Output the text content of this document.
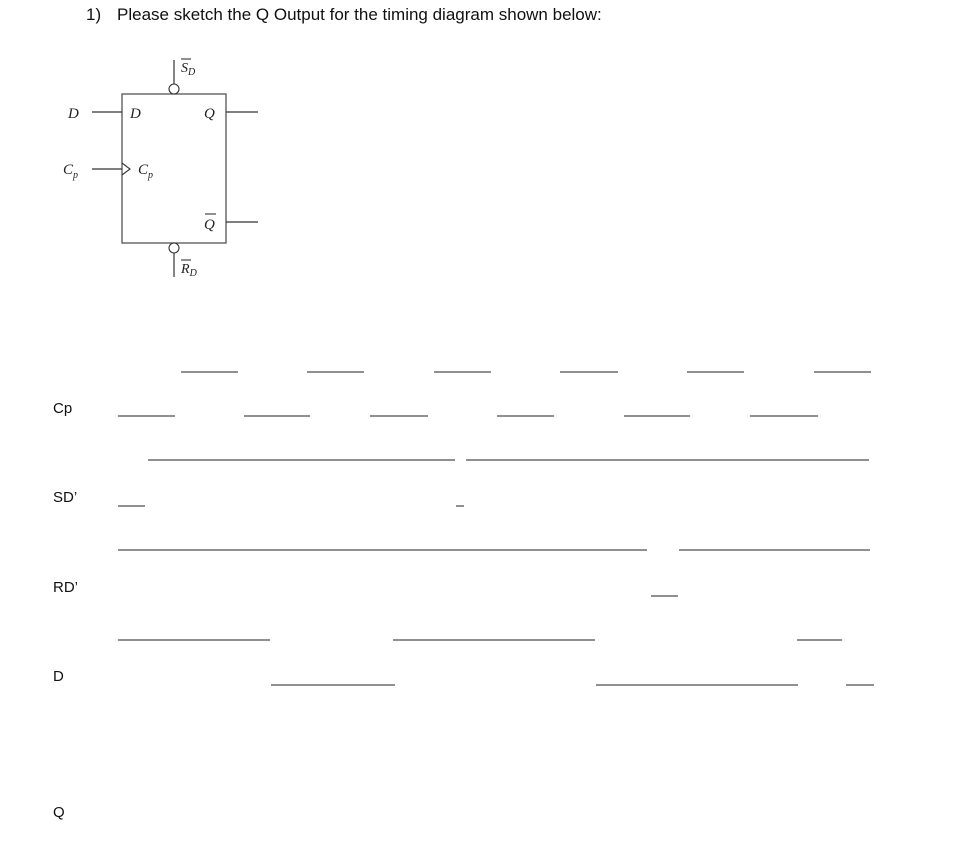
1) Please sketch the Q Output for the timing diagram shown below:
D
$C_p$
D
$C_p$
Q
Q
$S_D$
$R_D$
Cp
SD’
RD’
D
Q
